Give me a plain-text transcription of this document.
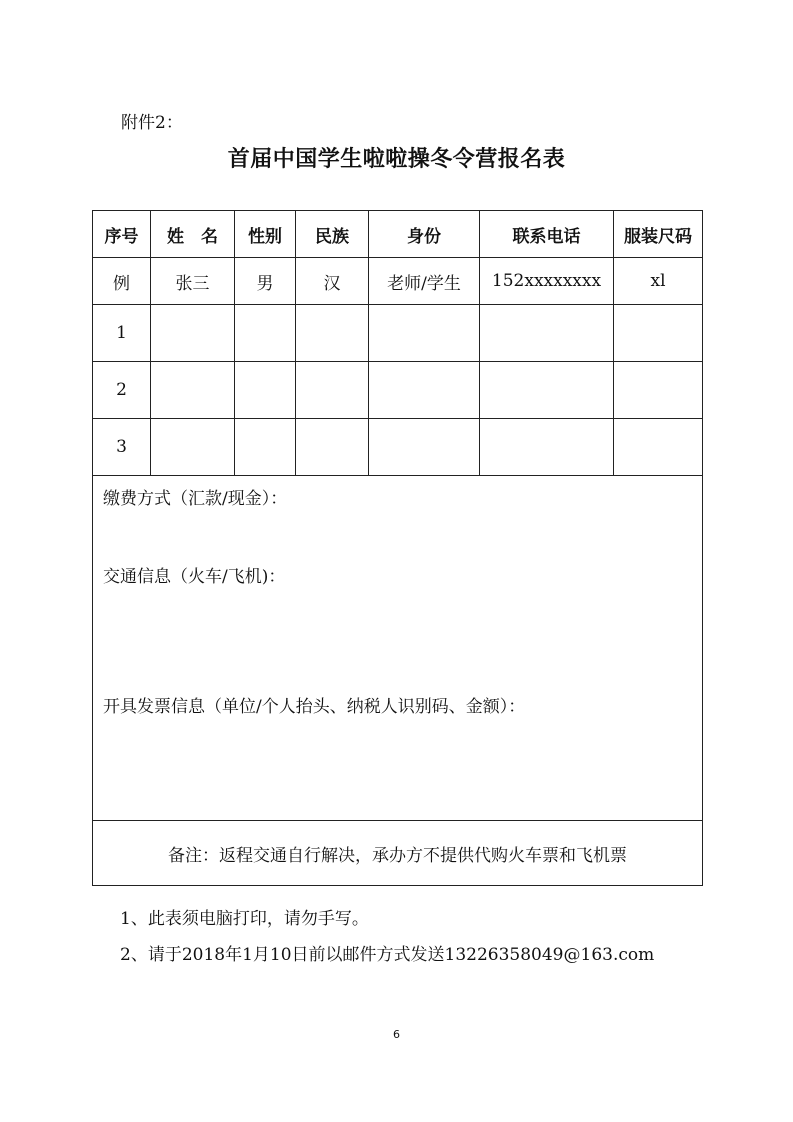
附件2：
首届中国学生啦啦操冬令营报名表
序号	姓　名	性别	民族	身份	联系电话	服装尺码
例	张三	男	汉	老师/学生	152xxxxxxxx	xl
1						
2						
3						

缴费方式（汇款/现金）：
交通信息（火车/飞机)：
开具发票信息（单位/个人抬头、纳税人识别码、金额）：						

备注：返程交通自行解决，承办方不提供代购火车票和飞机票						
1、此表须电脑打印，请勿手写。
2、请于2018年1月10日前以邮件方式发送13226358049@163.com
6
